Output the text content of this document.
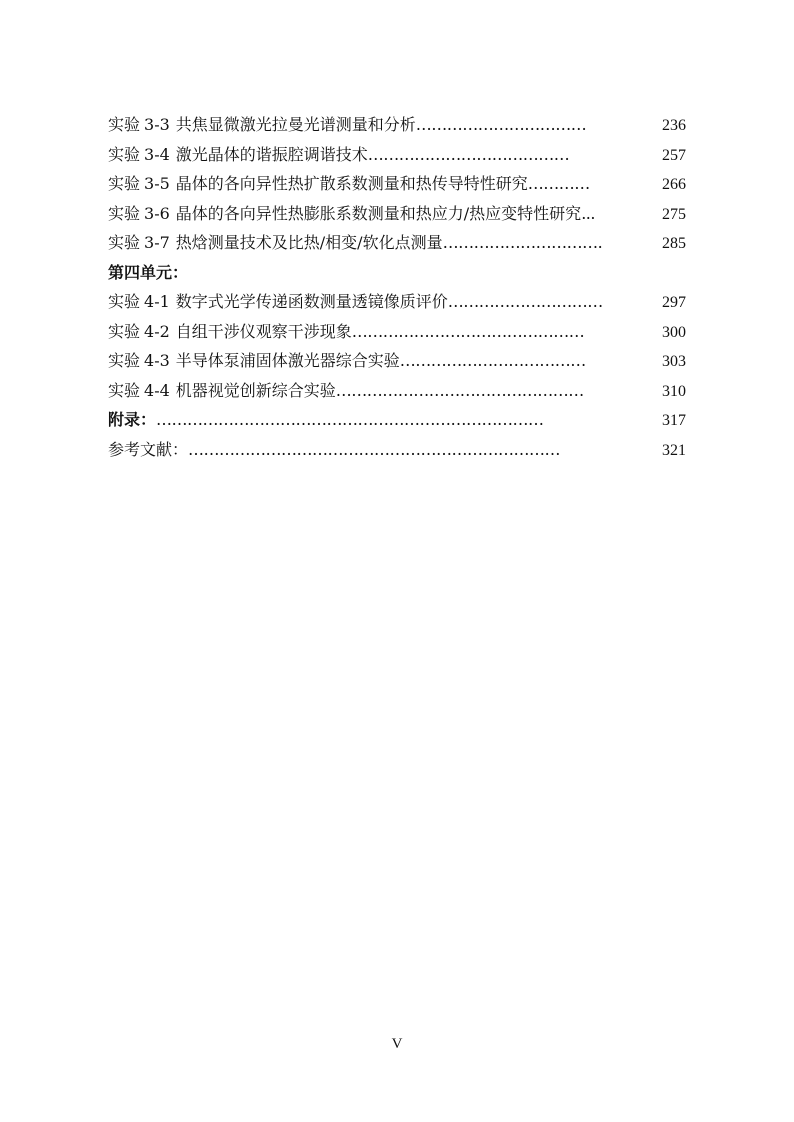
实验 3-3 共焦显微激光拉曼光谱测量和分析 ……………………………	236
实验 3-4 激光晶体的谐振腔调谐技术 …………………………………	257
实验 3-5 晶体的各向异性热扩散系数测量和热传导特性研究 …………	266
实验 3-6 晶体的各向异性热膨胀系数测量和热应力/热应变特性研究 ...	275
实验 3-7 热焓测量技术及比热/相变/软化点测量 ………………………….	285
第四单元：
实验 4-1 数字式光学传递函数测量透镜像质评价 …………………………	297
实验 4-2 自组干涉仪观察干涉现象 ………………………………………	300
实验 4-3 半导体泵浦固体激光器综合实验 ………………………………	303
实验 4-4 机器视觉创新综合实验 …………………………………………	310
附录： …………………………………………………………………	317
参考文献： ………………………………………………………………	321
V
